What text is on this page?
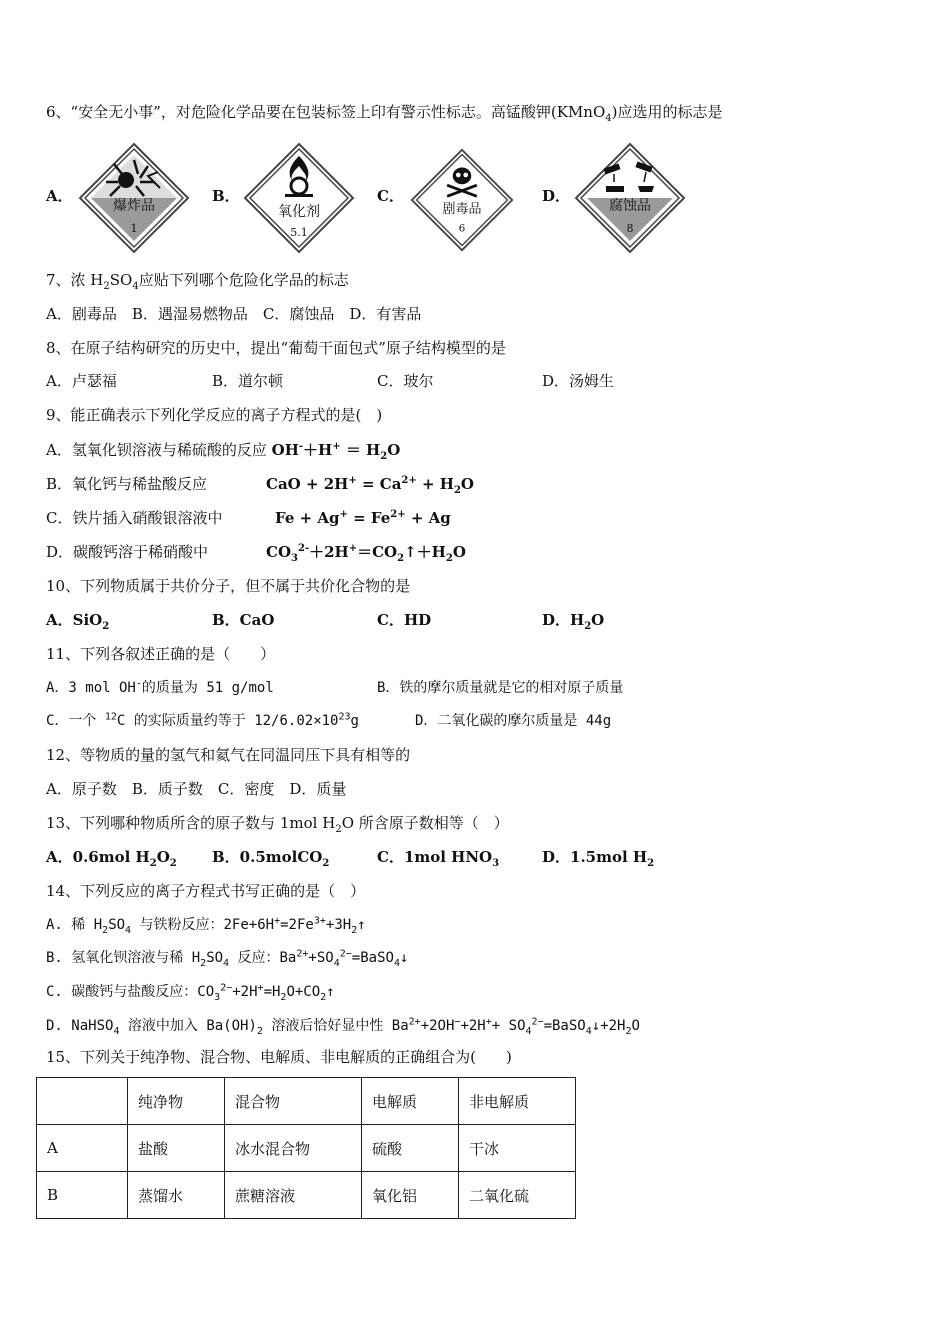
6、“安全无小事”，对危险化学品要在包装标签上印有警示性标志。高锰酸钾(KMnO$_4$)应选用的标志是
A．
爆炸品
1
B．
氧化剂
5.1
C．
剧毒品
6
D．
腐蚀品
8
7、浓 $H_2SO_4$应贴下列哪个危险化学品的标志
A．剧毒品　B．遇湿易燃物品　C．腐蚀品　D．有害品
8、在原子结构研究的历史中，提出“葡萄干面包式”原子结构模型的是
A．卢瑟福	B．道尔顿	C．玻尔	D．汤姆生
9、能正确表示下列化学反应的离子方程式的是(　)
A．氢氧化钡溶液与稀硫酸的反应 $OH^-+H^+ = H_2O$
B．氧化钙与稀盐酸反应	CaO + $2H^+ = Ca^{2+} + H_2O$
C．铁片插入硝酸银溶液中	$Fe + Ag^+ = Fe^{2+} + Ag$
D．碳酸钙溶于稀硝酸中	$CO_3^{2-}+2H^+=CO_2↑+H_2O$
10、下列物质属于共价分子，但不属于共价化合物的是
A．SiO$_2$	B．CaO	C．HD	D．$H_2O$
11、下列各叙述正确的是（　　）
A．3 mol OH-的质量为 51 g/mol	B．铁的摩尔质量就是它的相对原子质量
C．一个 $^{12}$C 的实际质量约等于 $12/6.02\times 10^{23}g$	D．二氧化碳的摩尔质量是 44g
12、等物质的量的氢气和氦气在同温同压下具有相等的
A．原子数　B．质子数　C．密度　D．质量
13、下列哪种物质所含的原子数与 1mol $H_2O$ 所含原子数相等（　）
A．0.6mol $H_2O_2$ B．0.5molCO$_2$	C．1mol $HNO_3$	D．1.5mol $H_2$
14、下列反应的离子方程式书写正确的是（　）
A. 稀 $H_2SO_4$ 与铁粉反应：$2Fe+6H^+=2Fe^{3+}+3H_2↑$
B. 氢氧化钡溶液与稀 $H_2SO_4$ 反应：$Ba^{2+}+SO_4^{2-}=BaSO_4↓$
C. 碳酸钙与盐酸反应：$CO_3^{2-}+2H^+=H_2O+CO_2↑$
D. NaHSO$_4$ 溶液中加入 $Ba(OH)_2$ 溶液后恰好显中性 $Ba^{2+}+2OH^-+2H^++$ $SO_4^{2-}=BaSO_4↓+2H_2O$
15、下列关于纯净物、混合物、电解质、非电解质的正确组合为(　　)
	纯净物	混合物	电解质	非电解质
A	盐酸	冰水混合物	硫酸	干冰
B	蒸馏水	蔗糖溶液	氧化铝	二氧化硫
